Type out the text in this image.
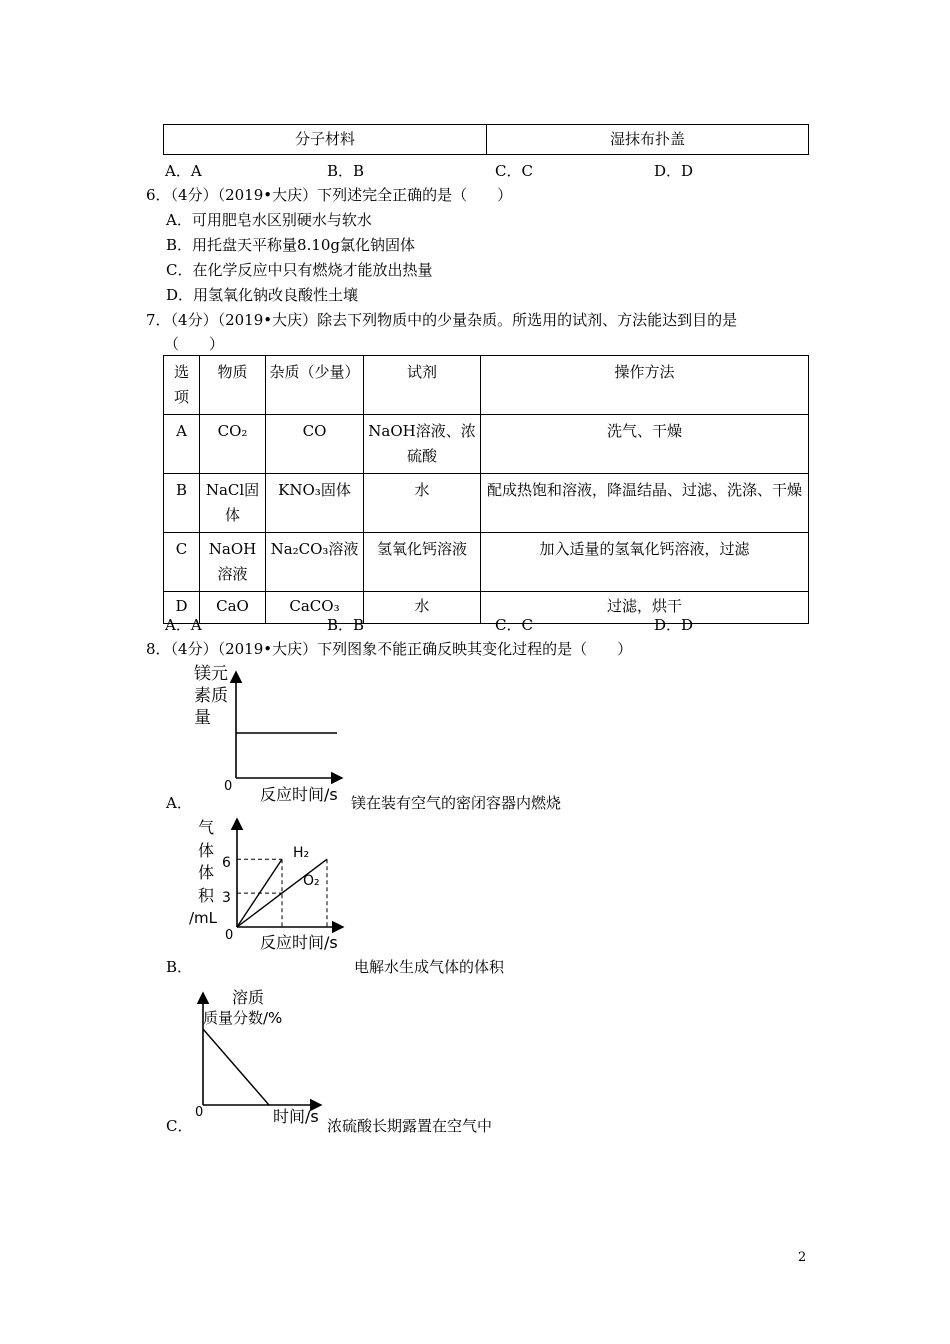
分子材料	湿抹布扑盖
A．A	B．B	C．C	D．D
6．（4分）（2019•大庆）下列述完全正确的是（　　）
A．可用肥皂水区别硬水与软水
B．用托盘天平称量8.10g氯化钠固体
C．在化学反应中只有燃烧才能放出热量
D．用氢氧化钠改良酸性土壤
7．（4分）（2019•大庆）除去下列物质中的少量杂质。所选用的试剂、方法能达到目的是
（　　）
选项	物质	杂质（少量）	试剂	操作方法
A	CO₂	CO	NaOH溶液、浓硫酸	洗气、干燥
B	NaCl固体	KNO₃固体	水	配成热饱和溶液，降温结晶、过滤、洗涤、干燥
C	NaOH溶液	Na₂CO₃溶液	氢氧化钙溶液	加入适量的氢氧化钙溶液，过滤
D	CaO	CaCO₃	水	过滤，烘干
A．A	B．B	C．C	D．D
8．（4分）（2019•大庆）下列图象不能正确反映其变化过程的是（　　）
A．
镁元
素质
量
0 反应时间/s 镁在装有空气的密闭容器内燃烧
B．
气
体
体
积
/mL
6
3
H₂
O₂
0 反应时间/s
电解水生成气体的体积
C．
溶质
质量分数/%
0	时间/s 浓硫酸长期露置在空气中
2
